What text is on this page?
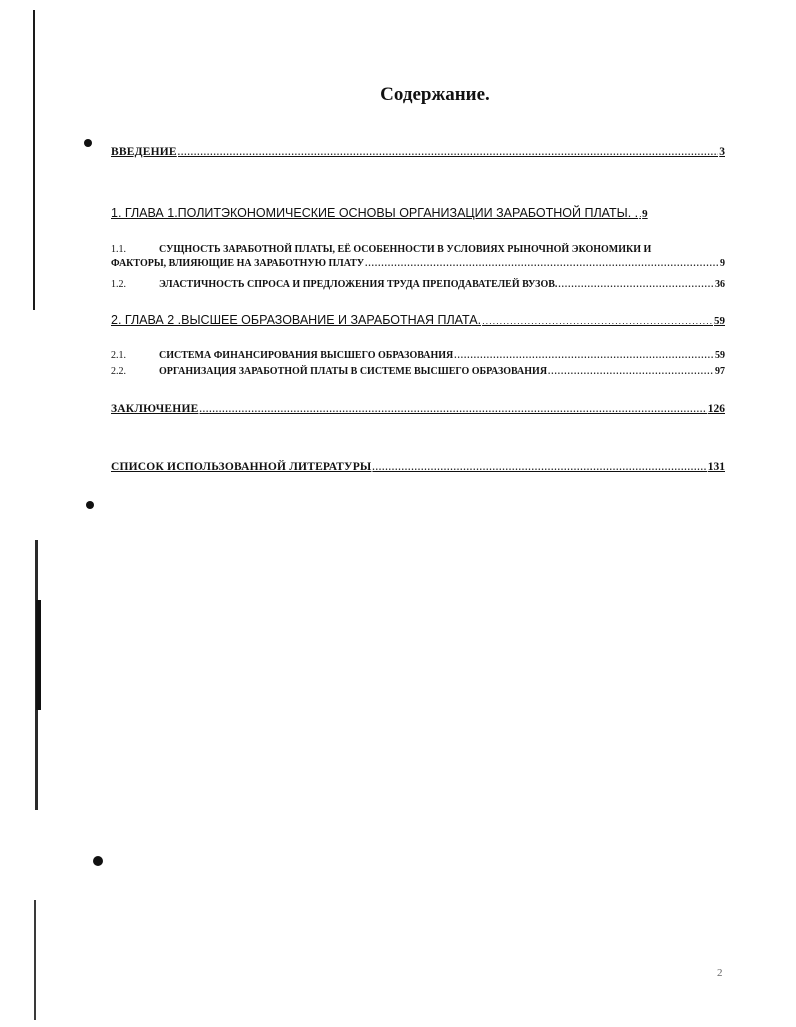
Содержание.
ВВЕДЕНИЕ .....	3
1. ГЛАВА 1.ПОЛИТЭКОНОМИЧЕСКИЕ ОСНОВЫ ОРГАНИЗАЦИИ ЗАРАБОТНОЙ ПЛАТЫ. . ..... 9
1.1.	СУЩНОСТЬ ЗАРАБОТНОЙ ПЛАТЫ, ЕЁ ОСОБЕННОСТИ В УСЛОВИЯХ РЫНОЧНОЙ ЭКОНОМИКИ И
ФАКТОРЫ, ВЛИЯЮЩИЕ НА ЗАРАБОТНУЮ ПЛАТУ .....	9
1.2.	ЭЛАСТИЧНОСТЬ СПРОСА И ПРЕДЛОЖЕНИЯ ТРУДА ПРЕПОДАВАТЕЛЕЙ ВУЗОВ. .....	36
2. ГЛАВА 2 .ВЫСШЕЕ ОБРАЗОВАНИЕ И ЗАРАБОТНАЯ ПЛАТА. .....	59
2.1.	СИСТЕМА ФИНАНСИРОВАНИЯ ВЫСШЕГО ОБРАЗОВАНИЯ .....	59
2.2.	ОРГАНИЗАЦИЯ ЗАРАБОТНОЙ ПЛАТЫ В СИСТЕМЕ ВЫСШЕГО ОБРАЗОВАНИЯ .....	97
ЗАКЛЮЧЕНИЕ .....	126
СПИСОК ИСПОЛЬЗОВАННОЙ ЛИТЕРАТУРЫ .....	131
2
